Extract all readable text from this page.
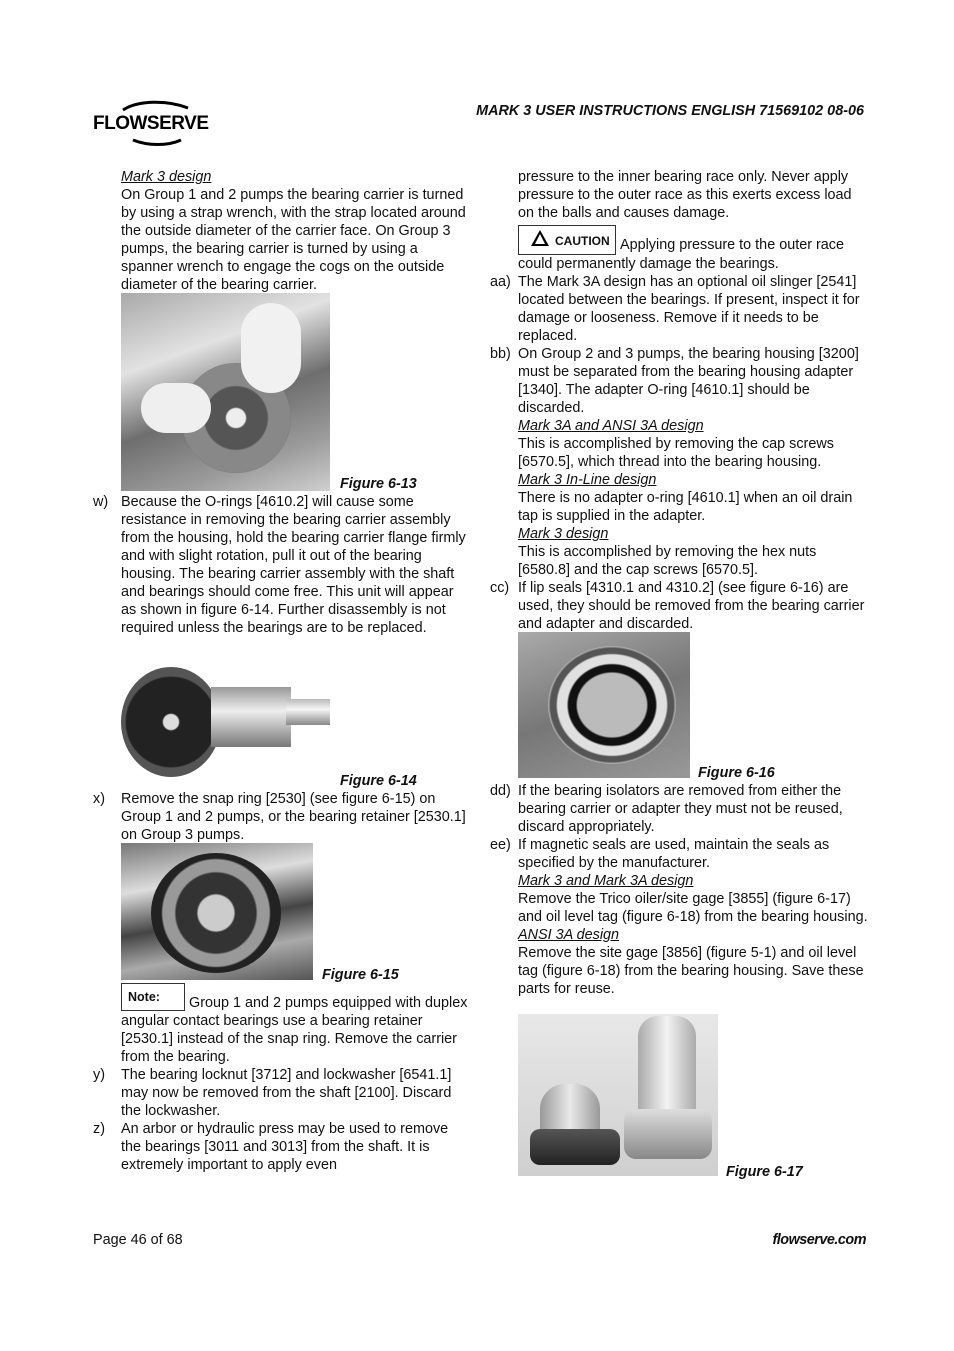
FLOWSERVE
MARK 3 USER INSTRUCTIONS ENGLISH 71569102 08-06

Mark 3 design

On Group 1 and 2 pumps the bearing carrier is turned by using a strap wrench, with the strap located around the outside diameter of the carrier face. On Group 3 pumps, the bearing carrier is turned by using a spanner wrench to engage the cogs on the outside diameter of the bearing carrier.

Figure 6-13
w) Because the O-rings [4610.2] will cause some resistance in removing the bearing carrier assembly from the housing, hold the bearing carrier flange firmly and with slight rotation, pull it out of the bearing housing. The bearing carrier assembly with the shaft and bearings should come free. This unit will appear as shown in figure 6-14. Further disassembly is not required unless the bearings are to be replaced.
Figure 6-14
x) Remove the snap ring [2530] (see figure 6-15) on Group 1 and 2 pumps, or the bearing retainer [2530.1] on Group 3 pumps.
Figure 6-15
Note: Group 1 and 2 pumps equipped with duplex angular contact bearings use a bearing retainer [2530.1] instead of the snap ring. Remove the carrier from the bearing.
y) The bearing locknut [3712] and lockwasher [6541.1] may now be removed from the shaft [2100]. Discard the lockwasher.
z) An arbor or hydraulic press may be used to remove the bearings [3011 and 3013] from the shaft. It is extremely important to apply even

pressure to the inner bearing race only. Never apply pressure to the outer race as this exerts excess load on the balls and causes damage.

CAUTION Applying pressure to the outer race could permanently damage the bearings.

aa) The Mark 3A design has an optional oil slinger [2541] located between the bearings. If present, inspect it for damage or looseness. Remove if it needs to be replaced.
bb) On Group 2 and 3 pumps, the bearing housing [3200] must be separated from the bearing housing adapter [1340]. The adapter O-ring [4610.1] should be discarded.

Mark 3A and ANSI 3A design

This is accomplished by removing the cap screws [6570.5], which thread into the bearing housing.

Mark 3 In-Line design

There is no adapter o-ring [4610.1] when an oil drain tap is supplied in the adapter.

Mark 3 design

This is accomplished by removing the hex nuts [6580.8] and the cap screws [6570.5].

cc) If lip seals [4310.1 and 4310.2] (see figure 6-16) are used, they should be removed from the bearing carrier and adapter and discarded.
Figure 6-16
dd) If the bearing isolators are removed from either the bearing carrier or adapter they must not be reused, discard appropriately.
ee) If magnetic seals are used, maintain the seals as specified by the manufacturer.

Mark 3 and Mark 3A design

Remove the Trico oiler/site gage [3855] (figure 6-17) and oil level tag (figure 6-18) from the bearing housing.

ANSI 3A design

Remove the site gage [3856] (figure 5-1) and oil level tag (figure 6-18) from the bearing housing. Save these parts for reuse.

Figure 6-17
Page 46 of 68	flowserve.com
